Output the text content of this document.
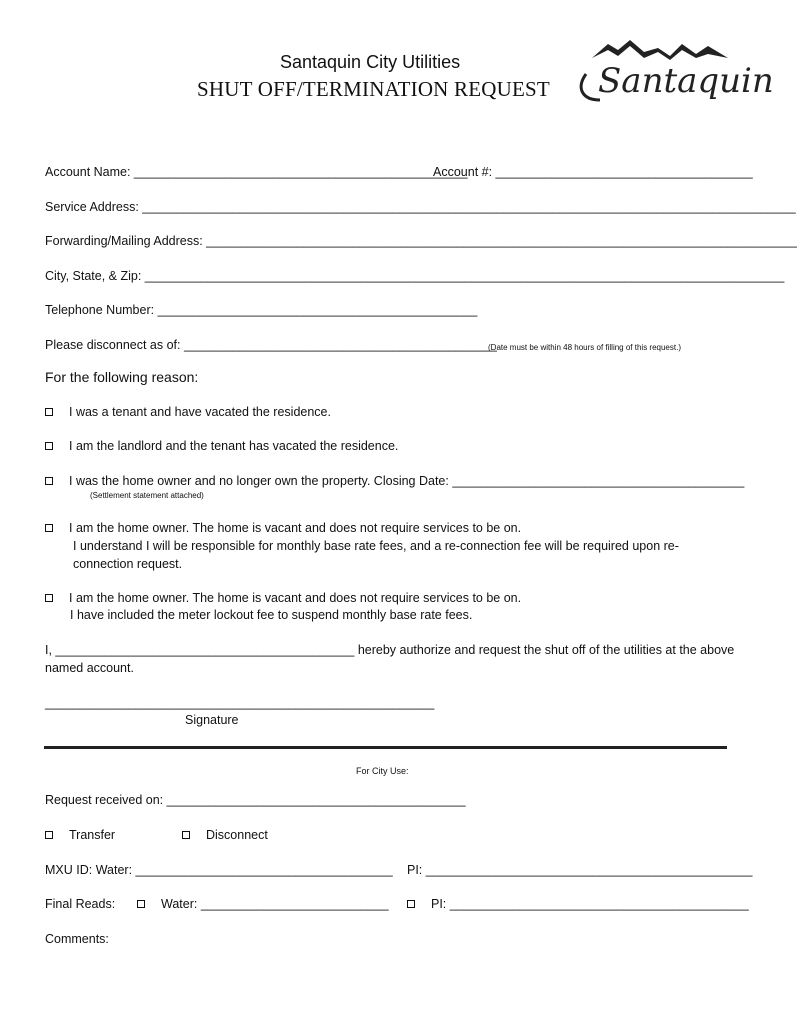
Santaquin City Utilities
SHUT OFF/TERMINATION REQUEST Santaquin
Account Name: ________________________________________________
Account #: _____________________________________
Service Address: ______________________________________________________________________________________________
Forwarding/Mailing Address: _____________________________________________________________________________________
City, State, & Zip: ____________________________________________________________________________________________
Telephone Number: ______________________________________________
Please disconnect as of: _____________________________________________
(Date must be within 48 hours of filling of this request.)
For the following reason:
I was a tenant and have vacated the residence.
I am the landlord and the tenant has vacated the residence.
I was the home owner and no longer own the property. Closing Date: __________________________________________
(Settlement statement attached)
I am the home owner. The home is vacant and does not require services to be on.
I understand I will be responsible for monthly base rate fees, and a re-connection fee will be required upon re-
connection request.
I am the home owner. The home is vacant and does not require services to be on.
I have included the meter lockout fee to suspend monthly base rate fees.
I, ___________________________________________ hereby authorize and request the shut off of the utilities at the above
named account.
________________________________________________________
Signature
For City Use:
Request received on: ___________________________________________
Transfer	Disconnect
MXU ID: Water: _____________________________________ PI: _______________________________________________
Final Reads:	Water: ___________________________	PI: ___________________________________________
Comments:
